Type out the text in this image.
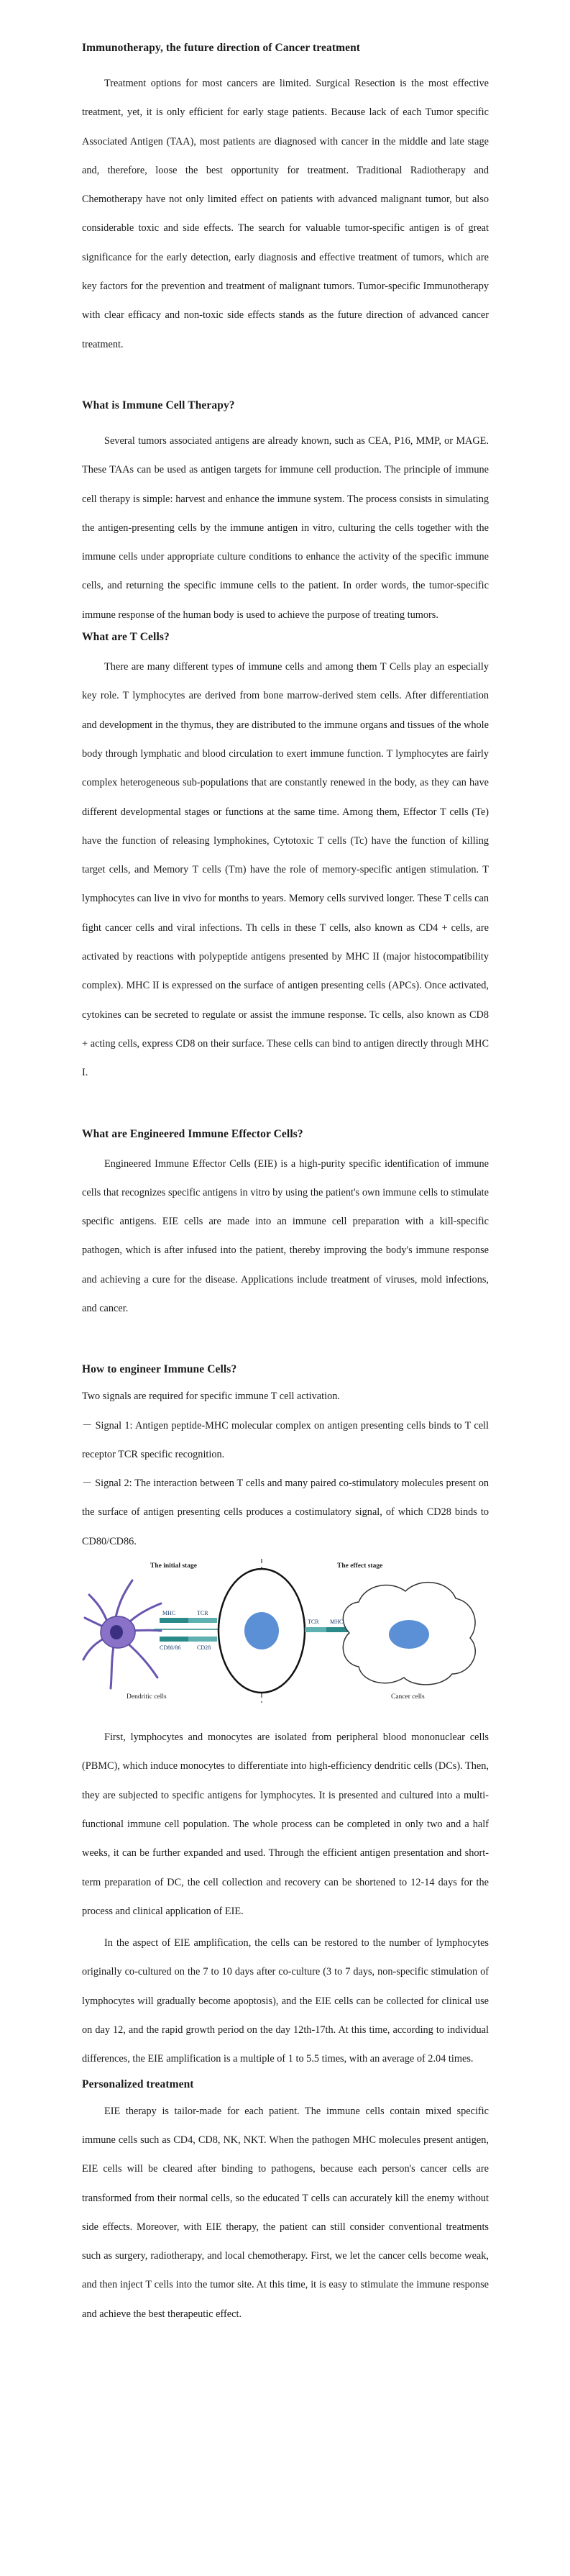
Immunotherapy, the future direction of Cancer treatment

Treatment options for most cancers are limited. Surgical Resection is the most effective treatment, yet, it is only efficient for early stage patients. Because lack of each Tumor specific Associated Antigen (TAA), most patients are diagnosed with cancer in the middle and late stage and, therefore, loose the best opportunity for treatment. Traditional Radiotherapy and Chemotherapy have not only limited effect on patients with advanced malignant tumor, but also considerable toxic and side effects. The search for valuable tumor-specific antigen is of great significance for the early detection, early diagnosis and effective treatment of tumors, which are key factors for the prevention and treatment of malignant tumors. Tumor-specific Immunotherapy with clear efficacy and non-toxic side effects stands as the future direction of advanced cancer treatment.

What is Immune Cell Therapy?

Several tumors associated antigens are already known, such as CEA, P16, MMP, or MAGE. These TAAs can be used as antigen targets for immune cell production. The principle of immune cell therapy is simple: harvest and enhance the immune system. The process consists in simulating the antigen-presenting cells by the immune antigen in vitro, culturing the cells together with the immune cells under appropriate culture conditions to enhance the activity of the specific immune cells, and returning the specific immune cells to the patient. In order words, the tumor-specific immune response of the human body is used to achieve the purpose of treating tumors.

What are T Cells?

There are many different types of immune cells and among them T Cells play an especially key role. T lymphocytes are derived from bone marrow-derived stem cells. After differentiation and development in the thymus, they are distributed to the immune organs and tissues of the whole body through lymphatic and blood circulation to exert immune function. T lymphocytes are fairly complex heterogeneous sub-populations that are constantly renewed in the body, as they can have different developmental stages or functions at the same time. Among them, Effector T cells (Te) have the function of releasing lymphokines, Cytotoxic T cells (Tc) have the function of killing target cells, and Memory T cells (Tm) have the role of memory-specific antigen stimulation. T lymphocytes can live in vivo for months to years. Memory cells survived longer. These T cells can fight cancer cells and viral infections. Th cells in these T cells, also known as CD4 + cells, are activated by reactions with polypeptide antigens presented by MHC II (major histocompatibility complex). MHC II is expressed on the surface of antigen presenting cells (APCs). Once activated, cytokines can be secreted to regulate or assist the immune response. Tc cells, also known as CD8 + acting cells, express CD8 on their surface. These cells can bind to antigen directly through MHC I.

What are Engineered Immune Effector Cells?

Engineered Immune Effector Cells (EIE) is a high-purity specific identification of immune cells that recognizes specific antigens in vitro by using the patient's own immune cells to stimulate specific antigens. EIE cells are made into an immune cell preparation with a kill-specific pathogen, which is after infused into the patient, thereby improving the body's immune response and achieving a cure for the disease. Applications include treatment of viruses, mold infections, and cancer.

How to engineer Immune Cells?

Two signals are required for specific immune T cell activation.

－ Signal 1: Antigen peptide-MHC molecular complex on antigen presenting cells binds to T cell receptor TCR specific recognition.

－ Signal 2: The interaction between T cells and many paired co-stimulatory molecules present on the surface of antigen presenting cells produces a costimulatory signal, of which CD28 binds to CD80/CD86.

The initial stage	The effect stage
MHC	TCR
CD80/86	CD28
TCR MHC
Dendritic cells	Cancer cells

First, lymphocytes and monocytes are isolated from peripheral blood mononuclear cells (PBMC), which induce monocytes to differentiate into high-efficiency dendritic cells (DCs). Then, they are subjected to specific antigens for lymphocytes. It is presented and cultured into a multi-functional immune cell population. The whole process can be completed in only two and a half weeks, it can be further expanded and used. Through the efficient antigen presentation and short-term preparation of DC, the cell collection and recovery can be shortened to 12-14 days for the process and clinical application of EIE.

In the aspect of EIE amplification, the cells can be restored to the number of lymphocytes originally co-cultured on the 7 to 10 days after co-culture (3 to 7 days, non-specific stimulation of lymphocytes will gradually become apoptosis), and the EIE cells can be collected for clinical use on day 12, and the rapid growth period on the day 12th-17th. At this time, according to individual differences, the EIE amplification is a multiple of 1 to 5.5 times, with an average of 2.04 times.

Personalized treatment

EIE therapy is tailor-made for each patient. The immune cells contain mixed specific immune cells such as CD4, CD8, NK, NKT. When the pathogen MHC molecules present antigen, EIE cells will be cleared after binding to pathogens, because each person's cancer cells are transformed from their normal cells, so the educated T cells can accurately kill the enemy without side effects. Moreover, with EIE therapy, the patient can still consider conventional treatments such as surgery, radiotherapy, and local chemotherapy. First, we let the cancer cells become weak, and then inject T cells into the tumor site. At this time, it is easy to stimulate the immune response and achieve the best therapeutic effect.
